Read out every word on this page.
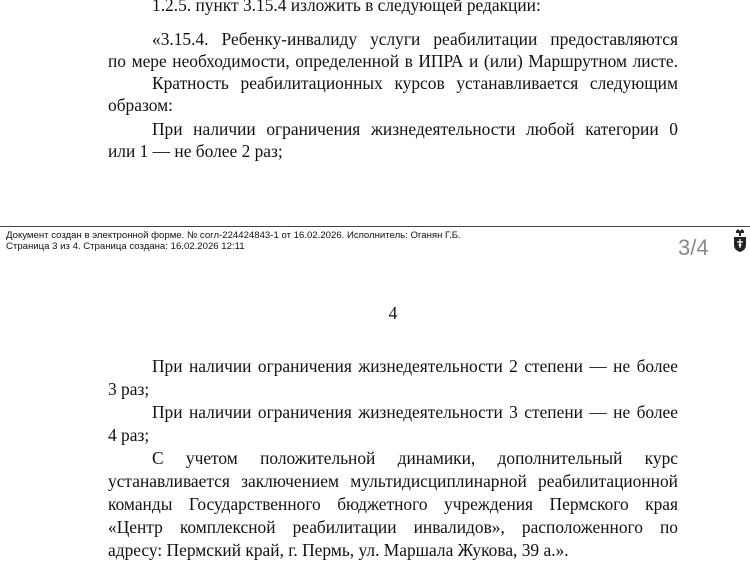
1.2.5. пункт 3.15.4 изложить в следующей редакции:
«3.15.4. Ребенку-инвалиду услуги реабилитации предоставляются
по мере необходимости, определенной в ИПРА и (или) Маршрутном листе.
Кратность реабилитационных курсов устанавливается следующим
образом:
При наличии ограничения жизнедеятельности любой категории 0
или 1 — не более 2 раз;
Документ создан в электронной форме. № согл-224424843-1 от 16.02.2026. Исполнитель: Оганян Г.Б.
Страница 3 из 4. Страница создана: 16.02.2026 12:11	3/4
4
При наличии ограничения жизнедеятельности 2 степени — не более
3 раз;
При наличии ограничения жизнедеятельности 3 степени — не более
4 раз;
С учетом положительной динамики, дополнительный курс
устанавливается заключением мультидисциплинарной реабилитационной
команды Государственного бюджетного учреждения Пермского края
«Центр комплексной реабилитации инвалидов», расположенного по
адресу: Пермский край, г. Пермь, ул. Маршала Жукова, 39 а.».
